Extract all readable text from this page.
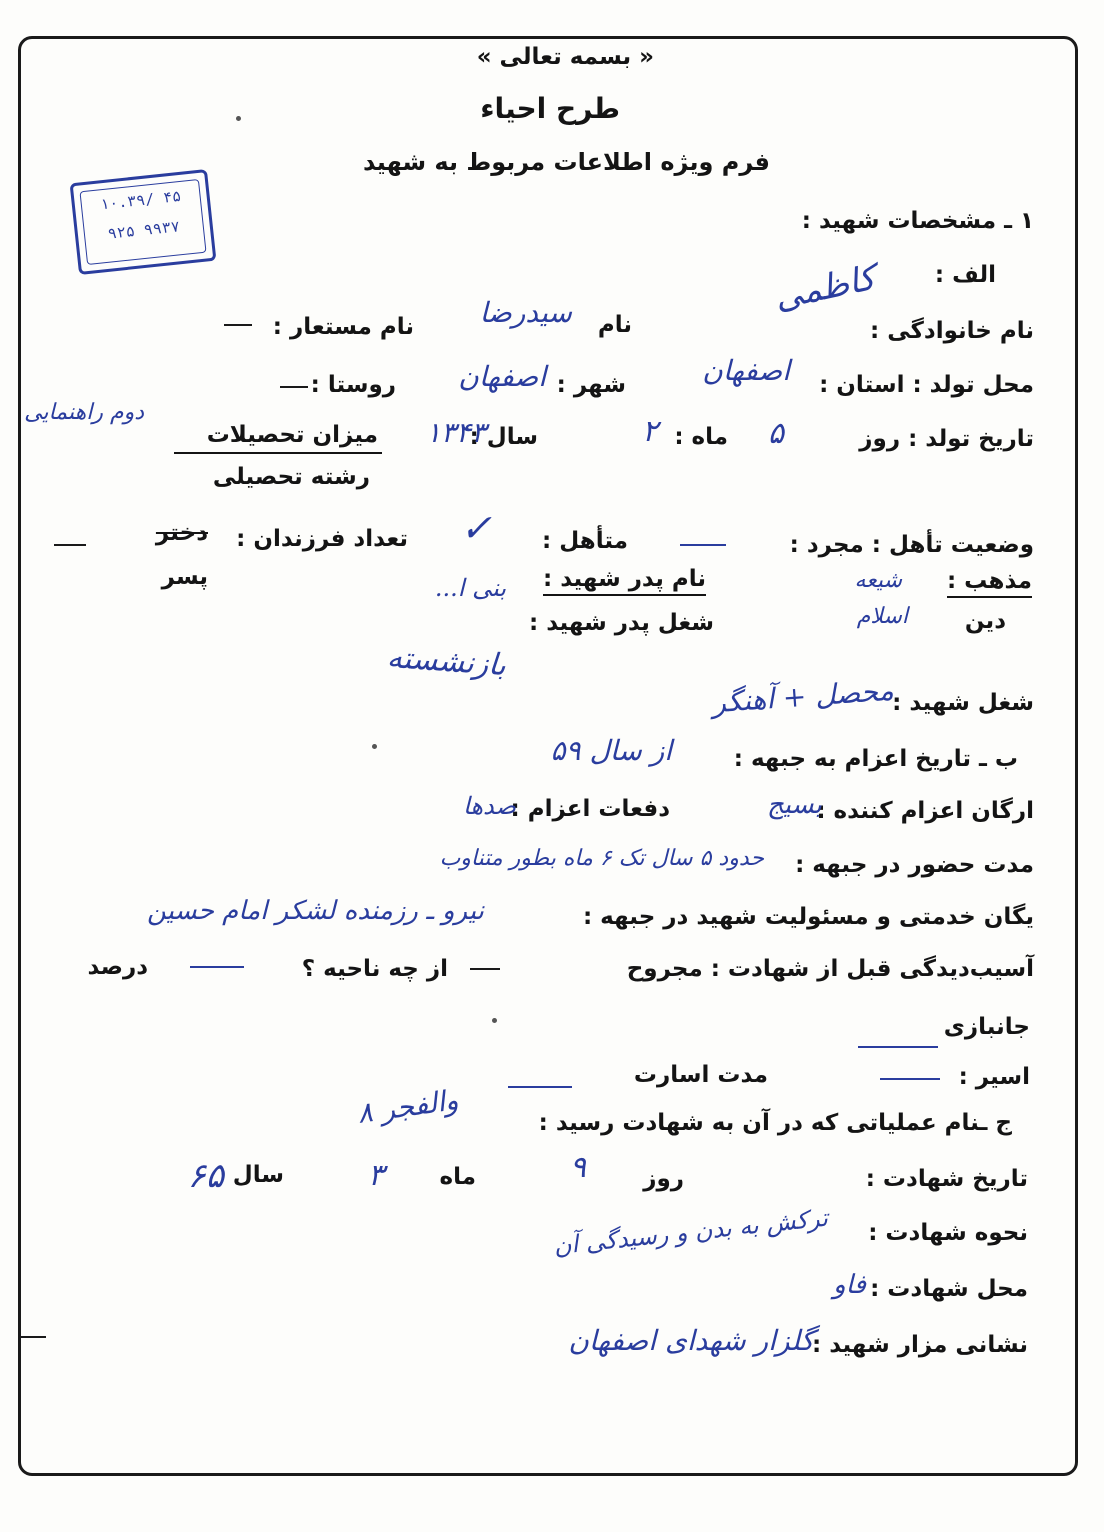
« بسمه تعالی »
طرح احیاء
فرم ویژه اطلاعات مربوط به شهید
۱۰.۳۹/ ۴۵
۹۲۵ ۹۹۳۷	۱ ـ مشخصات شهید :
الف :
نام خانوادگی :
کاظمی
نام
سیدرضا
نام مستعار :
محل تولد : استان :
اصفهان
شهر :
اصفهان
روستا :
تاریخ تولد : روز
۵
ماه :
۲
سال :
۱۳۴۳
میزان تحصیلات
دوم راهنمایی
رشته تحصیلی
وضعیت تأهل : مجرد :
متأهل :
✓
تعداد فرزندان :
دختر
پسر	مذهب :
شیعه
دین
اسلام
نام پدر شهید :
بنی ا...
شغل پدر شهید :
بازنشسته
شغل شهید :
محصل + آهنگر
ب ـ تاریخ اعزام به جبهه :
از سال ۵۹
ارگان اعزام کننده :
بسیج
دفعات اعزام :
صدها
مدت حضور در جبهه :
حدود ۵ سال تک ۶ ماه بطور متناوب
یگان خدمتی و مسئولیت شهید در جبهه :
نیرو ـ رزمنده لشکر امام حسین
آسیب‌دیدگی قبل از شهادت : مجروح
از چه ناحیه ؟
درصد
جانبازی
اسیر :
مدت اسارت
ج ـنام عملیاتی که در آن به شهادت رسید :
والفجر ۸
تاریخ شهادت :
روز
۹
ماه
۳
سال
۶۵
نحوه شهادت :
ترکش به بدن و رسیدگی آن
محل شهادت :
فاو
نشانی مزار شهید :
گلزار شهدای اصفهان
